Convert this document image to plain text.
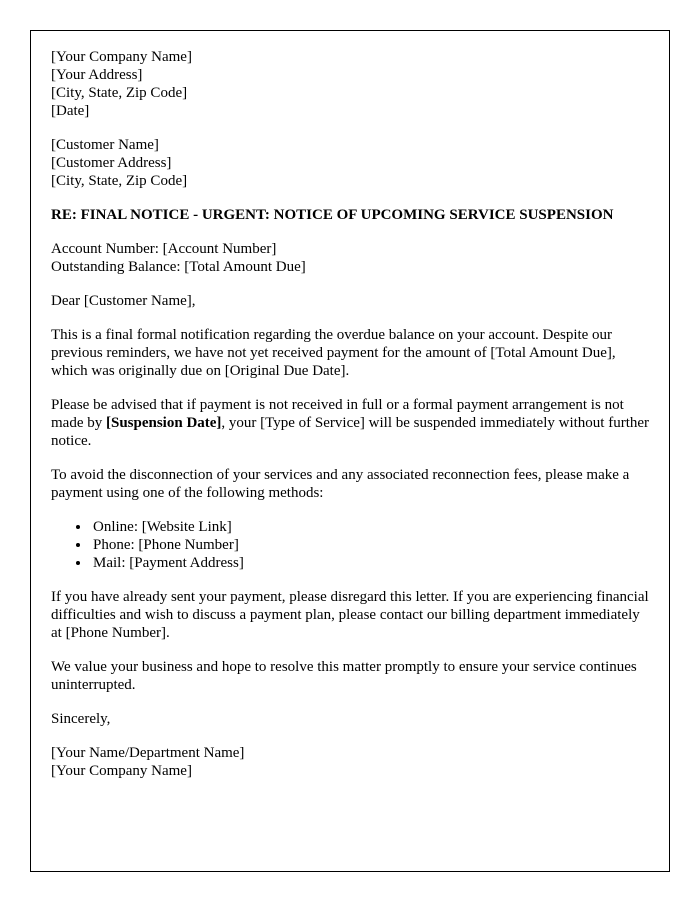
[Your Company Name]
[Your Address]
[City, State, Zip Code]
[Date]
[Customer Name]
[Customer Address]
[City, State, Zip Code]
RE: FINAL NOTICE - URGENT: NOTICE OF UPCOMING SERVICE SUSPENSION
Account Number: [Account Number]
Outstanding Balance: [Total Amount Due]

Dear [Customer Name],

This is a final formal notification regarding the overdue balance on your account. Despite our previous reminders, we have not yet received payment for the amount of [Total Amount Due], which was originally due on [Original Due Date].

Please be advised that if payment is not received in full or a formal payment arrangement is not made by [Suspension Date], your [Type of Service] will be suspended immediately without further notice.

To avoid the disconnection of your services and any associated reconnection fees, please make a payment using one of the following methods:

• Online: [Website Link]
• Phone: [Phone Number]
• Mail: [Payment Address]

If you have already sent your payment, please disregard this letter. If you are experiencing financial difficulties and wish to discuss a payment plan, please contact our billing department immediately at [Phone Number].

We value your business and hope to resolve this matter promptly to ensure your service continues uninterrupted.

Sincerely,

[Your Name/Department Name]
[Your Company Name]
